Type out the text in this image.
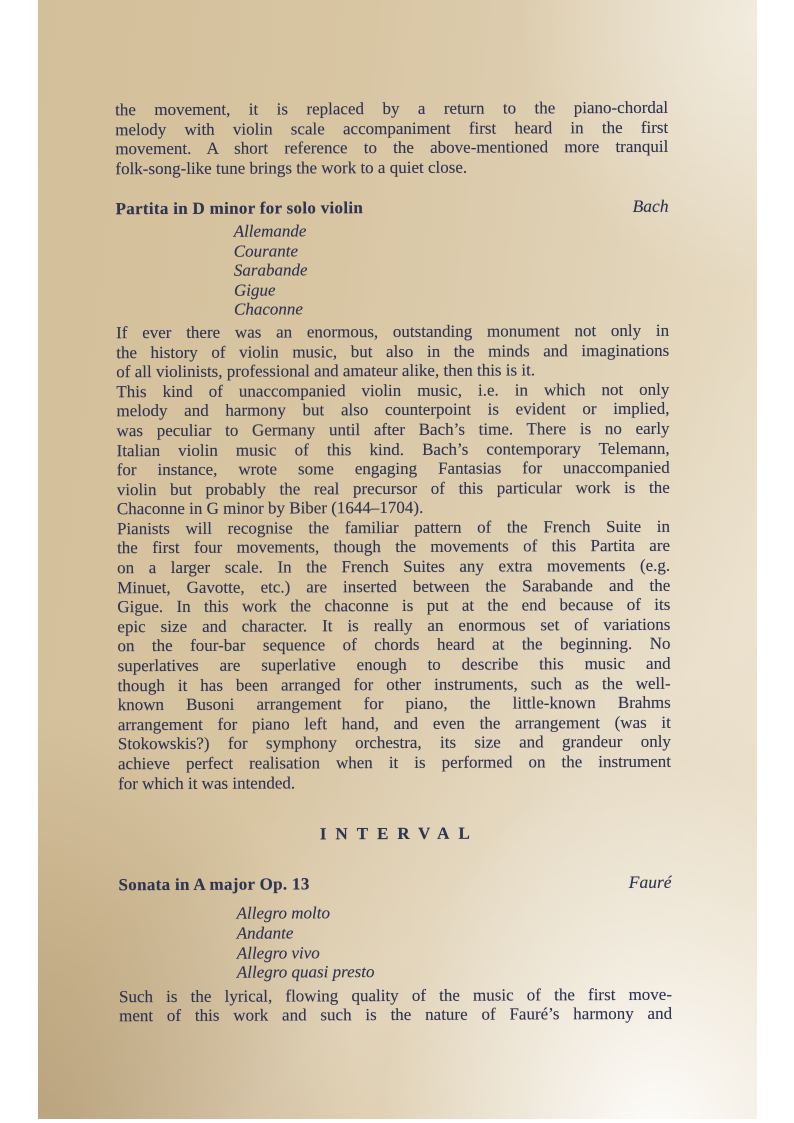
the movement, it is replaced by a return to the piano-chordal
melody with violin scale accompaniment first heard in the first
movement. A short reference to the above-mentioned more tranquil
folk-song-like tune brings the work to a quiet close.
Partita in D minor for solo violin	Bach
Allemande
Courante
Sarabande
Gigue
Chaconne
If ever there was an enormous, outstanding monument not only in
the history of violin music, but also in the minds and imaginations
of all violinists, professional and amateur alike, then this is it.
This kind of unaccompanied violin music, i.e. in which not only
melody and harmony but also counterpoint is evident or implied,
was peculiar to Germany until after Bach’s time. There is no early
Italian violin music of this kind. Bach’s contemporary Telemann,
for instance, wrote some engaging Fantasias for unaccompanied
violin but probably the real precursor of this particular work is the
Chaconne in G minor by Biber (1644–1704).
Pianists will recognise the familiar pattern of the French Suite in
the first four movements, though the movements of this Partita are
on a larger scale. In the French Suites any extra movements (e.g.
Minuet, Gavotte, etc.) are inserted between the Sarabande and the
Gigue. In this work the chaconne is put at the end because of its
epic size and character. It is really an enormous set of variations
on the four-bar sequence of chords heard at the beginning. No
superlatives are superlative enough to describe this music and
though it has been arranged for other instruments, such as the well-
known Busoni arrangement for piano, the little-known Brahms
arrangement for piano left hand, and even the arrangement (was it
Stokowskis?) for symphony orchestra, its size and grandeur only
achieve perfect realisation when it is performed on the instrument
for which it was intended.
INTERVAL
Sonata in A major Op. 13	Fauré
Allegro molto
Andante
Allegro vivo
Allegro quasi presto
Such is the lyrical, flowing quality of the music of the first move-
ment of this work and such is the nature of Fauré’s harmony and
